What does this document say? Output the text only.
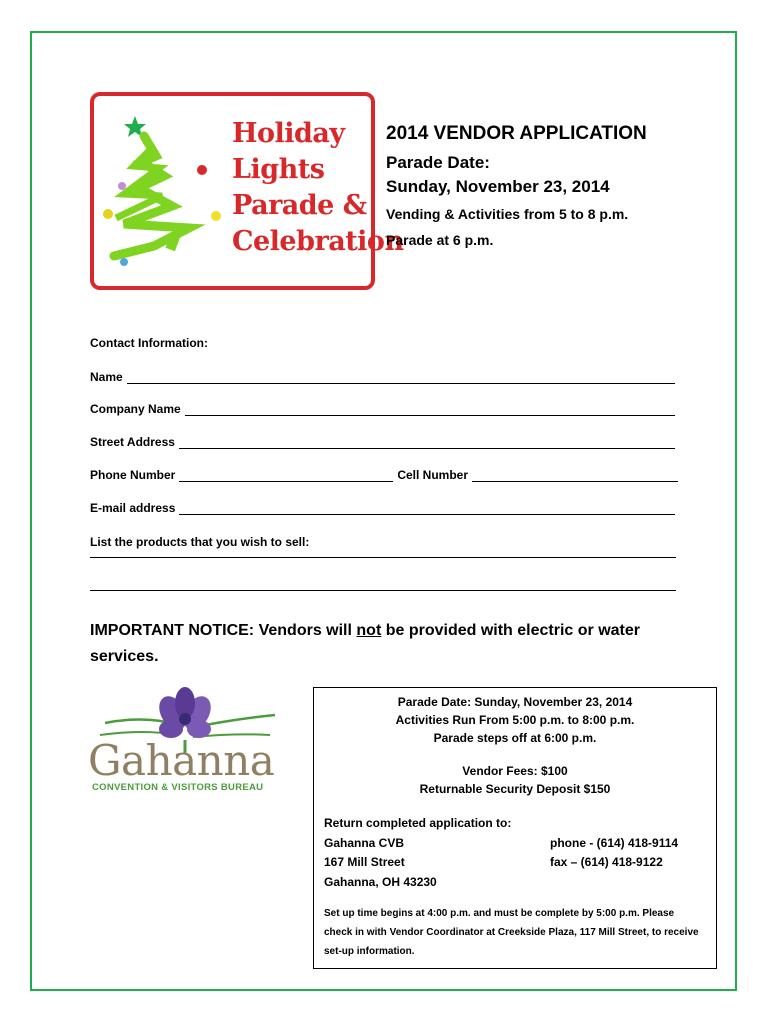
Holiday
Lights
Parade &
Celebration
2014 VENDOR APPLICATION
Parade Date:
Sunday, November 23, 2014
Vending & Activities from 5 to 8 p.m.
Parade at 6 p.m.
Contact Information:
Name
Company Name
Street Address
Phone Number	Cell Number
E-mail address
List the products that you wish to sell:
IMPORTANT NOTICE: Vendors will not be provided with electric or water services.
Gahanna
CONVENTION & VISITORS BUREAU
Parade Date: Sunday, November 23, 2014
Activities Run From 5:00 p.m. to 8:00 p.m.
Parade steps off at 6:00 p.m.
Vendor Fees: $100
Returnable Security Deposit $150
Return completed application to:
Gahanna CVB
167 Mill Street
Gahanna, OH 43230
phone - (614) 418-9114
fax – (614) 418-9122
Set up time begins at 4:00 p.m. and must be complete by 5:00 p.m. Please check in with Vendor Coordinator at Creekside Plaza, 117 Mill Street, to receive set-up information.
